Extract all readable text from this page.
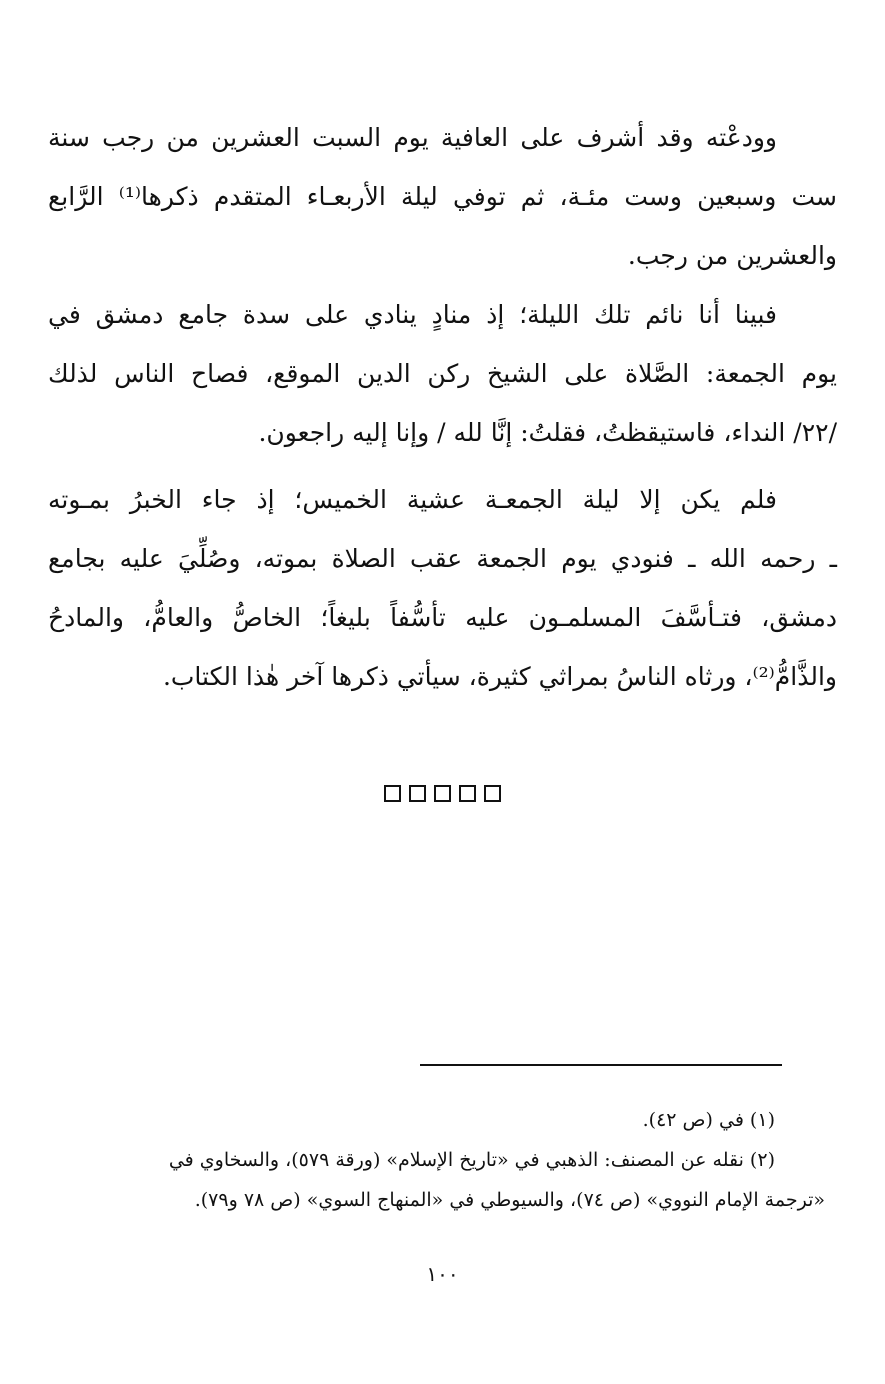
وودعْته وقد أشرف على العافية يوم السبت العشرين من رجب سنة
ست وسبعين وست مئـة، ثم توفي ليلة الأربعـاء المتقدم ذكرها⁽¹⁾ الرَّابع
والعشرين من رجب.

فبينا أنا نائم تلك الليلة؛ إذ منادٍ ينادي على سدة جامع دمشق في
يوم الجمعة: الصَّلاة على الشيخ ركن الدين الموقع، فصاح الناس لذلك
/٢٢/ النداء، فاستيقظتُ، فقلتُ: إنَّا لله / وإنا إليه راجعون.

فلم يكن إلا ليلة الجمعـة عشية الخميس؛ إذ جاء الخبرُ بمـوته
ـ رحمه الله ـ فنودي يوم الجمعة عقب الصلاة بموته، وصُلِّيَ عليه بجامع
دمشق، فتـأسَّفَ المسلمـون عليه تأسُّفاً بليغاً؛ الخاصُّ والعامُّ، والمادحُ
والذَّامُّ⁽²⁾، ورثاه الناسُ بمراثي كثيرة، سيأتي ذكرها آخر هٰذا الكتاب.

(١) في (ص ٤٢).
(٢) نقله عن المصنف: الذهبي في «تاريخ الإسلام» (ورقة ٥٧٩)، والسخاوي في
«ترجمة الإمام النووي» (ص ٧٤)، والسيوطي في «المنهاج السوي» (ص ٧٨ و٧٩).
١٠٠
